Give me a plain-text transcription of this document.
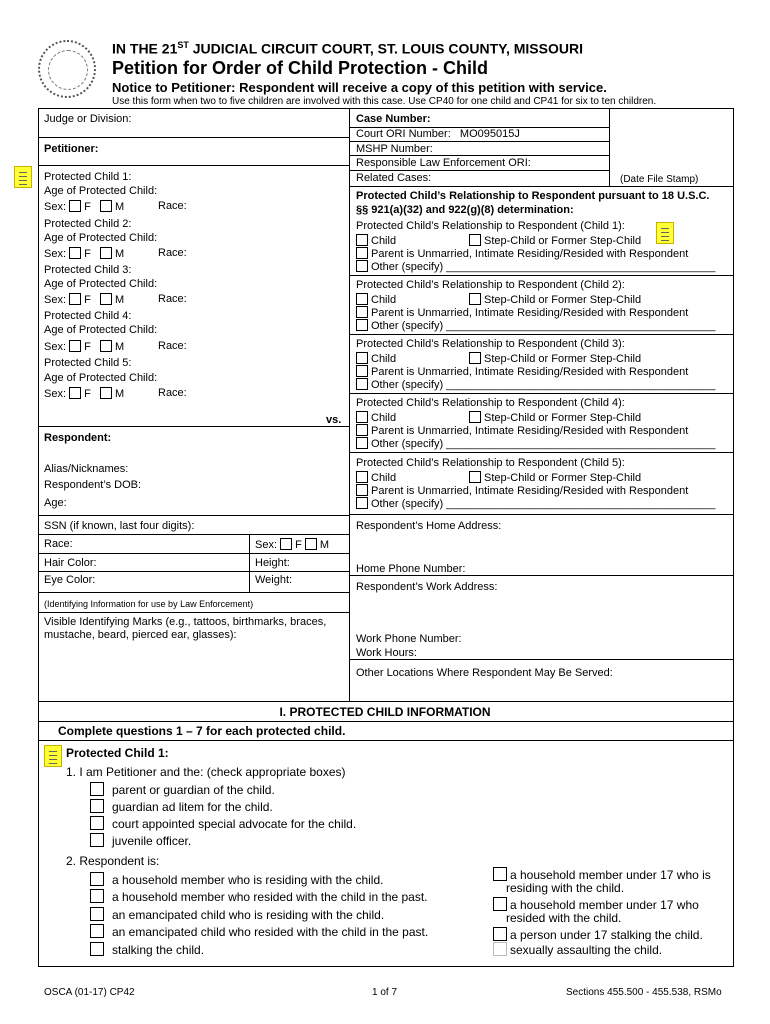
IN THE 21ST JUDICIAL CIRCUIT COURT, ST. LOUIS COUNTY, MISSOURI
Petition for Order of Child Protection - Child
Notice to Petitioner: Respondent will receive a copy of this petition with service.
Use this form when two to five children are involved with this case. Use CP40 for one child and CP41 for six to ten children.
Judge or Division:
Petitioner:
Protected Child 1:
Age of Protected Child:
Sex: F M	Race:
Protected Child 2:
Age of Protected Child:
Sex: F M	Race:
Protected Child 3:
Age of Protected Child:
Sex: F M	Race:
Protected Child 4:
Age of Protected Child:
Sex: F M	Race:
Protected Child 5:
Age of Protected Child:
Sex: F M	Race:
vs.
Respondent:
Alias/Nicknames:
Respondent’s DOB:
Age:
SSN (if known, last four digits):
Race:	Sex: F M
Hair Color:	Height:
Eye Color:	Weight:
(Identifying Information for use by Law Enforcement)
Visible Identifying Marks (e.g., tattoos, birthmarks, braces,
mustache, beard, pierced ear, glasses):
Case Number:
Court ORI Number: MO095015J
MSHP Number:
Responsible Law Enforcement ORI:
Related Cases:	(Date File Stamp)
Protected Child’s Relationship to Respondent pursuant to 18 U.S.C.
§§ 921(a)(32) and 922(g)(8) determination:
Protected Child’s Relationship to Respondent (Child 1):
Child	Step-Child or Former Step-Child
Parent is Unmarried, Intimate Residing/Resided with Respondent
Other (specify) ____________________________________________
Protected Child’s Relationship to Respondent (Child 2):
Child	Step-Child or Former Step-Child
Parent is Unmarried, Intimate Residing/Resided with Respondent
Other (specify) ____________________________________________
Protected Child’s Relationship to Respondent (Child 3):
Child	Step-Child or Former Step-Child
Parent is Unmarried, Intimate Residing/Resided with Respondent
Other (specify) ____________________________________________
Protected Child’s Relationship to Respondent (Child 4):
Child	Step-Child or Former Step-Child
Parent is Unmarried, Intimate Residing/Resided with Respondent
Other (specify) ____________________________________________
Protected Child’s Relationship to Respondent (Child 5):
Child	Step-Child or Former Step-Child
Parent is Unmarried, Intimate Residing/Resided with Respondent
Other (specify) ____________________________________________
Respondent’s Home Address:
Home Phone Number:
Respondent’s Work Address:
Work Phone Number:
Work Hours:
Other Locations Where Respondent May Be Served:
I. PROTECTED CHILD INFORMATION
Complete questions 1 – 7 for each protected child.
Protected Child 1:
1. I am Petitioner and the: (check appropriate boxes)
parent or guardian of the child.
guardian ad litem for the child.
court appointed special advocate for the child.
juvenile officer.
2. Respondent is:
a household member who is residing with the child.
a household member who resided with the child in the past.
an emancipated child who is residing with the child.
an emancipated child who resided with the child in the past.
stalking the child.
a household member under 17 who is
residing with the child.
a household member under 17 who
resided with the child.
a person under 17 stalking the child.
sexually assaulting the child.
OSCA (01-17) CP42	1 of 7	Sections 455.500 - 455.538, RSMo
